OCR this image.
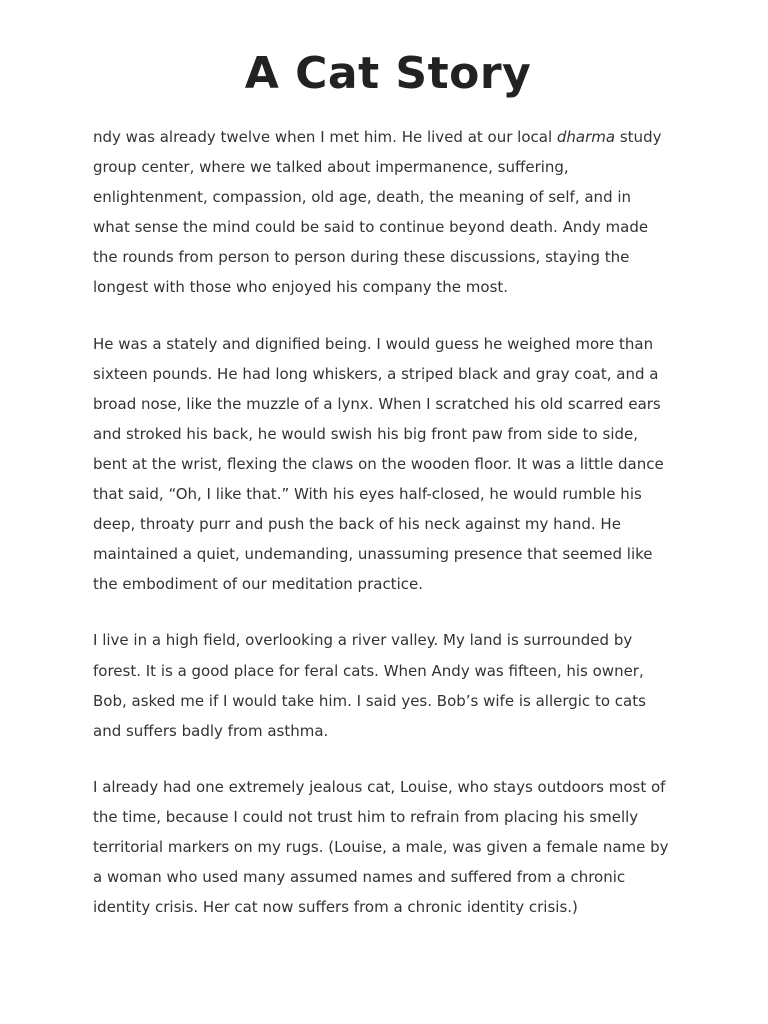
A Cat Story

ndy was already twelve when I met him. He lived at our local dharma study
group center, where we talked about impermanence, suffering,
enlightenment, compassion, old age, death, the meaning of self, and in
what sense the mind could be said to continue beyond death. Andy made
the rounds from person to person during these discussions, staying the
longest with those who enjoyed his company the most.

He was a stately and dignified being. I would guess he weighed more than
sixteen pounds. He had long whiskers, a striped black and gray coat, and a
broad nose, like the muzzle of a lynx. When I scratched his old scarred ears
and stroked his back, he would swish his big front paw from side to side,
bent at the wrist, flexing the claws on the wooden floor. It was a little dance
that said, “Oh, I like that.” With his eyes half-closed, he would rumble his
deep, throaty purr and push the back of his neck against my hand. He
maintained a quiet, undemanding, unassuming presence that seemed like
the embodiment of our meditation practice.

I live in a high field, overlooking a river valley. My land is surrounded by
forest. It is a good place for feral cats. When Andy was fifteen, his owner,
Bob, asked me if I would take him. I said yes. Bob’s wife is allergic to cats
and suffers badly from asthma.

I already had one extremely jealous cat, Louise, who stays outdoors most of
the time, because I could not trust him to refrain from placing his smelly
territorial markers on my rugs. (Louise, a male, was given a female name by
a woman who used many assumed names and suffered from a chronic
identity crisis. Her cat now suffers from a chronic identity crisis.)
